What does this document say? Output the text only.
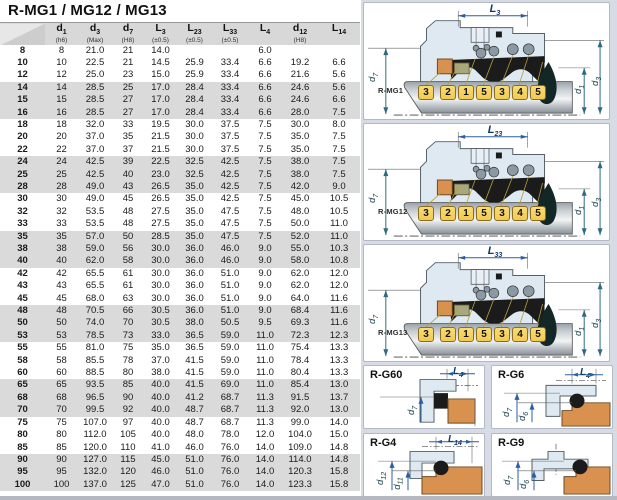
R-MG1 / MG12 / MG13
	$d_1$
(h6)	$d_3$
(Max)	$d_7$
(H8)	$L_3$
(±0.5)	$L_{23}$
(±0.5)	$L_{33}$
(±0.5)	$L_4$	$d_{12}$
(H8)	$L_{14}$

8	8	21.0	21	14.0			6.0		
10	10	22.5	21	14.5	25.9	33.4	6.6	19.2	6.6
12	12	25.0	23	15.0	25.9	33.4	6.6	21.6	5.6
14	14	28.5	25	17.0	28.4	33.4	6.6	24.6	5.6
15	15	28.5	27	17.0	28.4	33.4	6.6	24.6	6.6
16	16	28.5	27	17.0	28.4	33.4	6.6	28.0	7.5
18	18	32.0	33	19.5	30.0	37.5	7.5	30.0	8.0
20	20	37.0	35	21.5	30.0	37.5	7.5	35.0	7.5
22	22	37.0	37	21.5	30.0	37.5	7.5	35.0	7.5
24	24	42.5	39	22.5	32.5	42.5	7.5	38.0	7.5
25	25	42.5	40	23.0	32.5	42.5	7.5	38.0	7.5
28	28	49.0	43	26.5	35.0	42.5	7.5	42.0	9.0
30	30	49.0	45	26.5	35.0	42.5	7.5	45.0	10.5
32	32	53.5	48	27.5	35.0	47.5	7.5	48.0	10.5
33	33	53.5	48	27.5	35.0	47.5	7.5	50.0	11.0
35	35	57.0	50	28.5	35.0	47.5	7.5	52.0	11.0
38	38	59.0	56	30.0	36.0	46.0	9.0	55.0	10.3
40	40	62.0	58	30.0	36.0	46.0	9.0	58.0	10.8
42	42	65.5	61	30.0	36.0	51.0	9.0	62.0	12.0
43	43	65.5	61	30.0	36.0	51.0	9.0	62.0	12.0
45	45	68.0	63	30.0	36.0	51.0	9.0	64.0	11.6
48	48	70.5	66	30.5	36.0	51.0	9.0	68.4	11.6
50	50	74.0	70	30.5	38.0	50.5	9.5	69.3	11.6
53	53	78.5	73	33.0	36.5	59.0	11.0	72.3	12.3
55	55	81.0	75	35.0	36.5	59.0	11.0	75.4	13.3
58	58	85.5	78	37.0	41.5	59.0	11.0	78.4	13.3
60	60	88.5	80	38.0	41.5	59.0	11.0	80.4	13.3
65	65	93.5	85	40.0	41.5	69.0	11.0	85.4	13.0
68	68	96.5	90	40.0	41.2	68.7	11.3	91.5	13.7
70	70	99.5	92	40.0	48.7	68.7	11.3	92.0	13.0
75	75	107.0	97	40.0	48.7	68.7	11.3	99.0	14.0
80	80	112.0	105	40.0	48.0	78.0	12.0	104.0	15.0
85	85	120.0	110	41.0	46.0	76.0	14.0	109.0	14.8
90	90	127.0	115	45.0	51.0	76.0	14.0	114.0	14.8
95	95	132.0	120	46.0	51.0	76.0	14.0	120.3	15.8
100	100	137.0	125	47.0	51.0	76.0	14.0	123.3	15.8
$L_3$
$d_7$
$d_1$
$d_3$
R-MG1	3	2	1	5	3	4	5
$L_{23}$
$d_7$
$d_1$
$d_3$
R-MG12	3	2	1	5	3	4	5
$L_{33}$
$d_7$
$d_1$
$d_3$
R-MG13	3	2	1	5	3	4	5
R-G60	$L_4$
$d_7$
R-G6	$L_4$
$d_7$
$d_6$
R-G4	$L_{14}$
$d_{12}$
$d_{11}$
R-G9
$d_7$
$d_6$
